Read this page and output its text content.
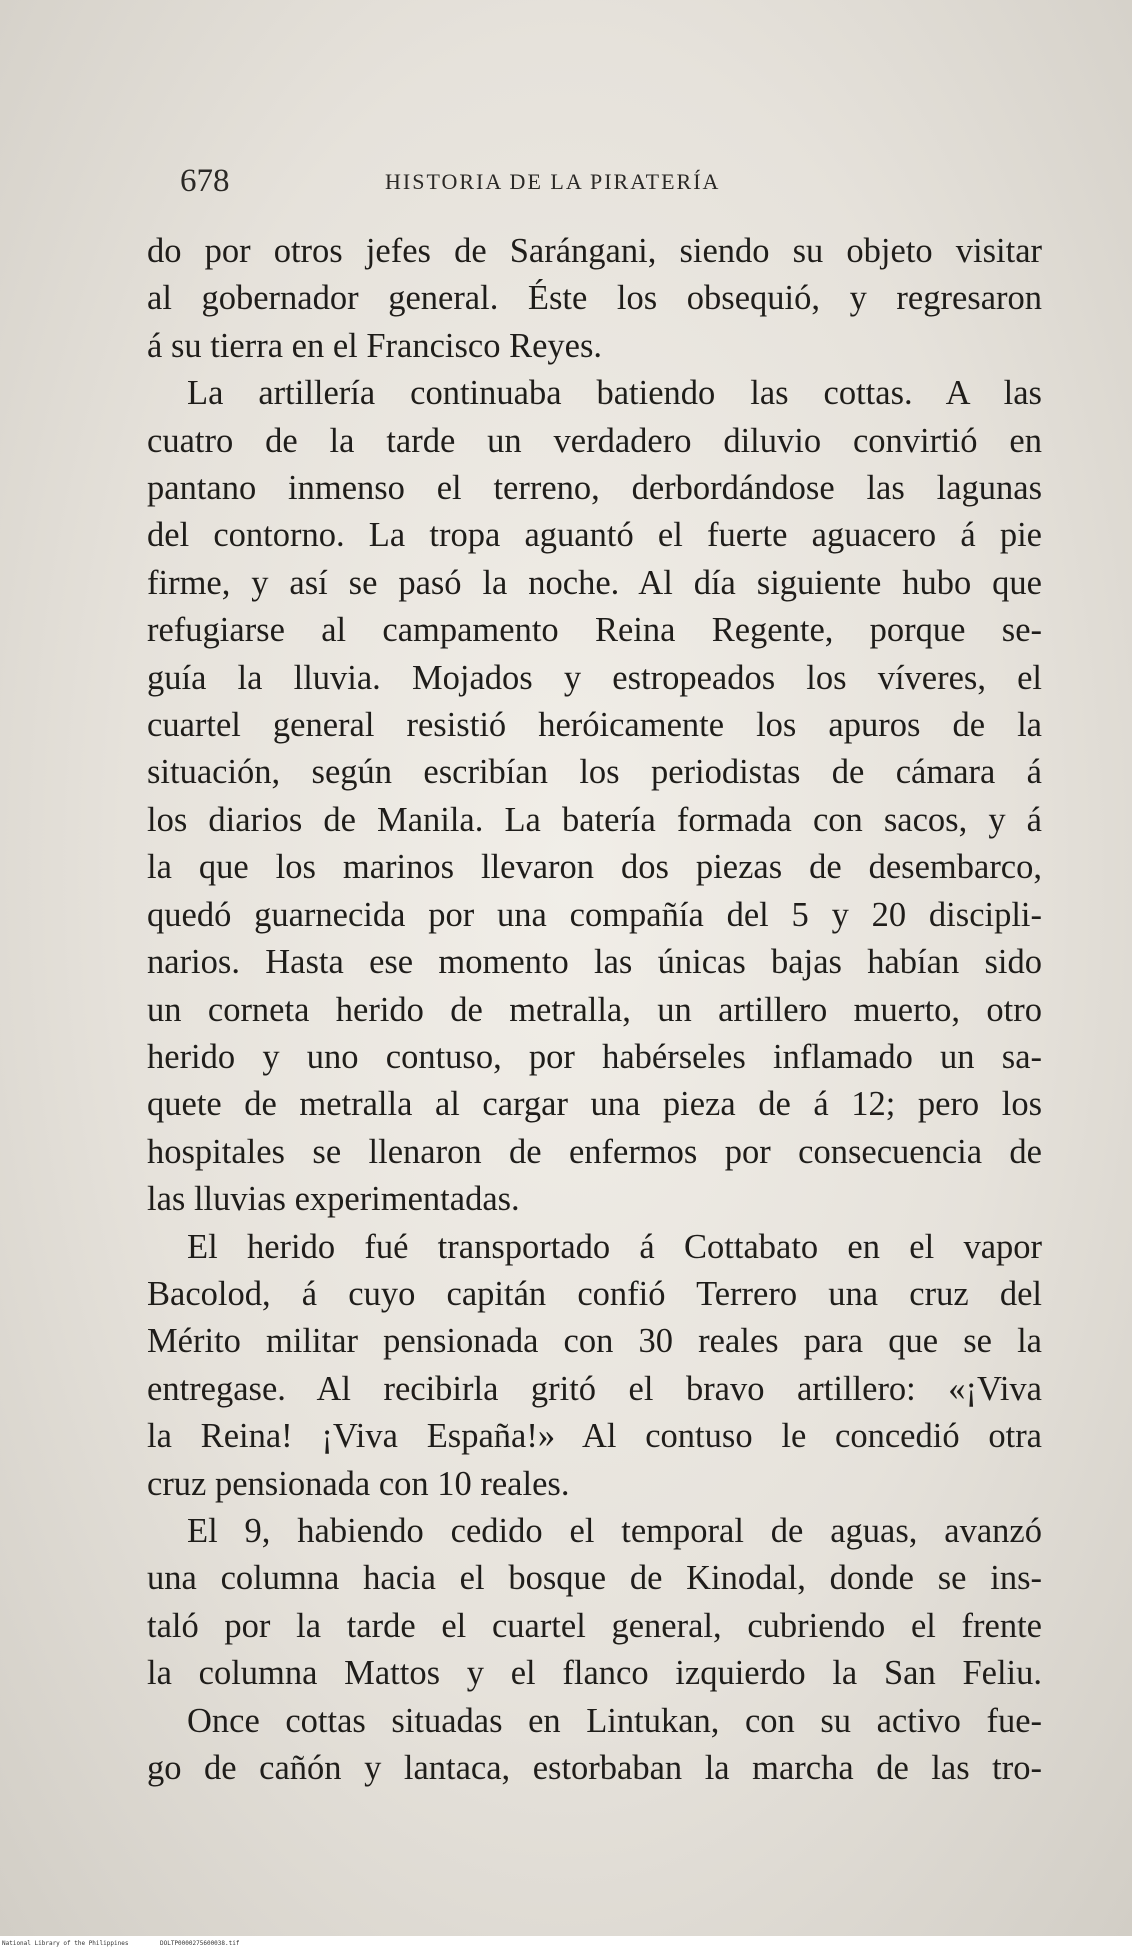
678	HISTORIA DE LA PIRATERÍA
do por otros jefes de Sarángani, siendo su objeto visitar
al gobernador general. Éste los obsequió, y regresaron
á su tierra en el Francisco Reyes.
La artillería continuaba batiendo las cottas. A las
cuatro de la tarde un verdadero diluvio convirtió en
pantano inmenso el terreno, derbordándose las lagunas
del contorno. La tropa aguantó el fuerte aguacero á pie
firme, y así se pasó la noche. Al día siguiente hubo que
refugiarse al campamento Reina Regente, porque se-
guía la lluvia. Mojados y estropeados los víveres, el
cuartel general resistió heróicamente los apuros de la
situación, según escribían los periodistas de cámara á
los diarios de Manila. La batería formada con sacos, y á
la que los marinos llevaron dos piezas de desembarco,
quedó guarnecida por una compañía del 5 y 20 discipli-
narios. Hasta ese momento las únicas bajas habían sido
un corneta herido de metralla, un artillero muerto, otro
herido y uno contuso, por habérseles inflamado un sa-
quete de metralla al cargar una pieza de á 12; pero los
hospitales se llenaron de enfermos por consecuencia de
las lluvias experimentadas.
El herido fué transportado á Cottabato en el vapor
Bacolod, á cuyo capitán confió Terrero una cruz del
Mérito militar pensionada con 30 reales para que se la
entregase. Al recibirla gritó el bravo artillero: «¡Viva
la Reina! ¡Viva España!» Al contuso le concedió otra
cruz pensionada con 10 reales.
El 9, habiendo cedido el temporal de aguas, avanzó
una columna hacia el bosque de Kinodal, donde se ins-
taló por la tarde el cuartel general, cubriendo el frente
la columna Mattos y el flanco izquierdo la San Feliu.
Once cottas situadas en Lintukan, con su activo fue-
go de cañón y lantaca, estorbaban la marcha de las tro-
National Library of the Philippines	DOLTP0000275600038.tif
